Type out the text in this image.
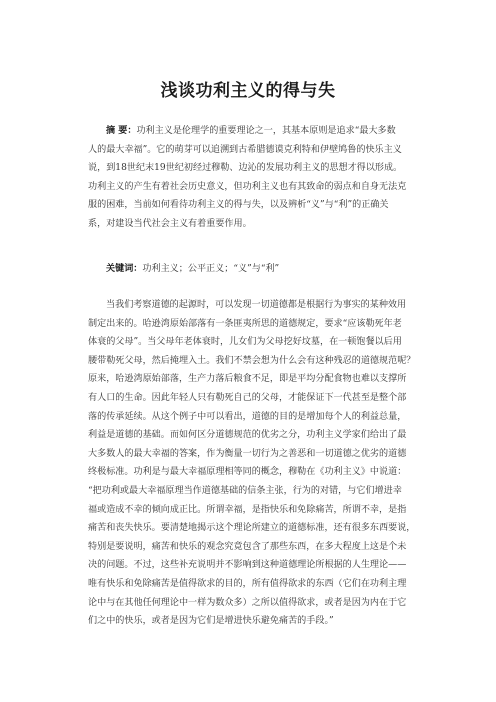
浅谈功利主义的得与失
摘 要：功利主义是伦理学的重要理论之一，其基本原则是追求“最大多数
人的最大幸福”。它的萌芽可以追溯到古希腊德谟克利特和伊壁鸠鲁的快乐主义
说，到18世纪末19世纪初经过穆勒、边沁的发展功利主义的思想才得以形成。
功利主义的产生有着社会历史意义，但功利主义也有其致命的弱点和自身无法克
服的困难，当前如何看待功利主义的得与失，以及辨析“义”与“利”的正确关
系，对建设当代社会主义有着重要作用。
关键词：功利主义；公平正义；“义”与“利”
当我们考察道德的起源时，可以发现一切道德都是根据行为事实的某种效用
制定出来的。哈逊湾原始部落有一条匪夷所思的道德规定，要求“应该勒死年老
体衰的父母”。当父母年老体衰时，儿女们为父母挖好坟墓，在一顿饱餐以后用
腰带勒死父母，然后掩埋入土。我们不禁会想为什么会有这种残忍的道德规范呢？
原来，哈逊湾原始部落，生产力落后粮食不足，即是平均分配食物也难以支撑所
有人口的生命。因此年轻人只有勒死自己的父母，才能保证下一代甚至是整个部
落的传承延续。从这个例子中可以看出，道德的目的是增加每个人的利益总量，
利益是道德的基础。而如何区分道德规范的优劣之分，功利主义学家们给出了最
大多数人的最大幸福的答案，作为衡量一切行为之善恶和一切道德之优劣的道德
终极标准。功利是与最大幸福原理相等同的概念，穆勒在《功利主义》中说道：
“把功利或最大幸福原理当作道德基础的信条主张，行为的对错，与它们增进幸
福或造成不幸的倾向成正比。所谓幸福，是指快乐和免除痛苦，所谓不幸，是指
痛苦和丧失快乐。要清楚地揭示这个理论所建立的道德标准，还有很多东西要说，
特别是要说明，痛苦和快乐的观念究竟包含了那些东西，在多大程度上这是个未
决的问题。不过，这些补充说明并不影响到这种道德理论所根据的人生理论——
唯有快乐和免除痛苦是值得欲求的目的，所有值得欲求的东西（它们在功利主理
论中与在其他任何理论中一样为数众多）之所以值得欲求，或者是因为内在于它
们之中的快乐，或者是因为它们是增进快乐避免痛苦的手段。”
